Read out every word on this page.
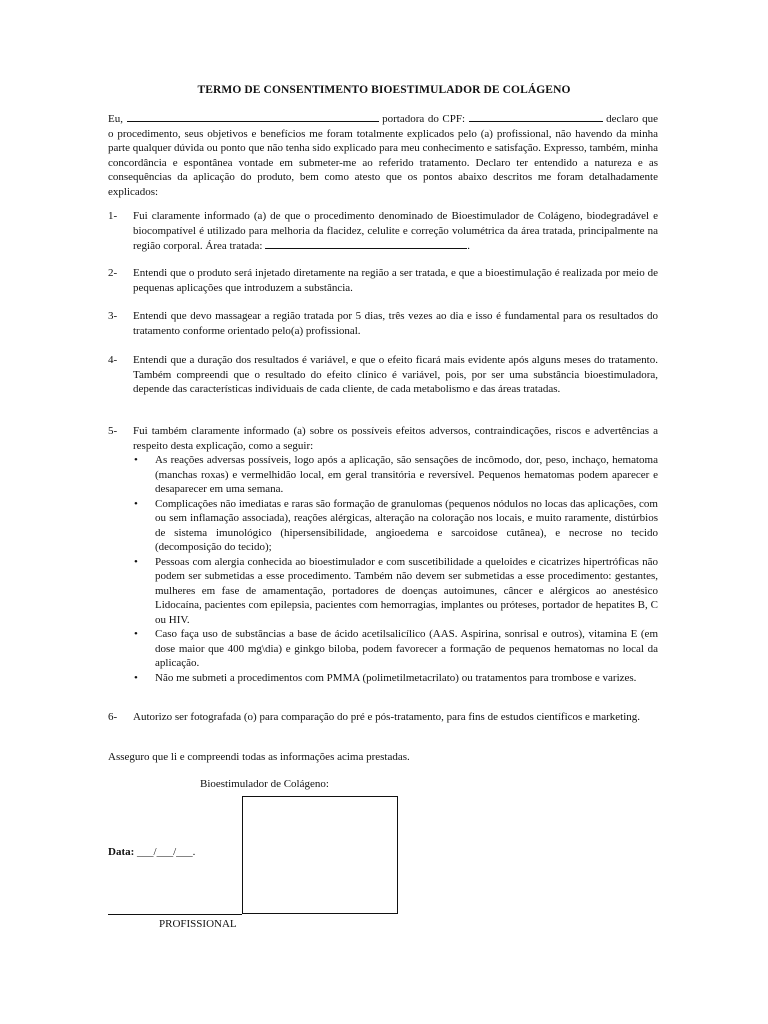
TERMO DE CONSENTIMENTO BIOESTIMULADOR DE COLÁGENO
Eu,	portadora do CPF:	declaro que o procedimento, seus objetivos e benefícios me foram totalmente explicados pelo (a) profissional, não havendo da minha parte qualquer dúvida ou ponto que não tenha sido explicado para meu conhecimento e satisfação. Expresso, também, minha concordância e espontânea vontade em submeter-me ao referido tratamento. Declaro ter entendido a natureza e as consequências da aplicação do produto, bem como atesto que os pontos abaixo descritos me foram detalhadamente explicados:
1- Fui claramente informado (a) de que o procedimento denominado de Bioestimulador de Colágeno, biodegradável e biocompatível é utilizado para melhoria da flacidez, celulite e correção volumétrica da área tratada, principalmente na região corporal. Área tratada:	.
2- Entendi que o produto será injetado diretamente na região a ser tratada, e que a bioestimulação é realizada por meio de pequenas aplicações que introduzem a substância.
3- Entendi que devo massagear a região tratada por 5 dias, três vezes ao dia e isso é fundamental para os resultados do tratamento conforme orientado pelo(a) profissional.
4- Entendi que a duração dos resultados é variável, e que o efeito ficará mais evidente após alguns meses do tratamento. Também compreendi que o resultado do efeito clínico é variável, pois, por ser uma substância bioestimuladora, depende das características individuais de cada cliente, de cada metabolismo e das áreas tratadas.
5- Fui também claramente informado (a) sobre os possíveis efeitos adversos, contraindicações, riscos e advertências a respeito desta explicação, como a seguir:
• As reações adversas possíveis, logo após a aplicação, são sensações de incômodo, dor, peso, inchaço, hematoma (manchas roxas) e vermelhidão local, em geral transitória e reversível. Pequenos hematomas podem aparecer e desaparecer em uma semana.
• Complicações não imediatas e raras são formação de granulomas (pequenos nódulos no locas das aplicações, com ou sem inflamação associada), reações alérgicas, alteração na coloração nos locais, e muito raramente, distúrbios de sistema imunológico (hipersensibilidade, angioedema e sarcoidose cutânea), e necrose no tecido (decomposição do tecido);
• Pessoas com alergia conhecida ao bioestimulador e com suscetibilidade a queloides e cicatrizes hipertróficas não podem ser submetidas a esse procedimento. Também não devem ser submetidas a esse procedimento: gestantes, mulheres em fase de amamentação, portadores de doenças autoimunes, câncer e alérgicos ao anestésico Lidocaína, pacientes com epilepsia, pacientes com hemorragias, implantes ou próteses, portador de hepatites B, C ou HIV.
• Caso faça uso de substâncias a base de ácido acetilsalicílico (AAS. Aspirina, sonrisal e outros), vitamina E (em dose maior que 400 mg\dia) e ginkgo biloba, podem favorecer a formação de pequenos hematomas no local da aplicação.
• Não me submeti a procedimentos com PMMA (polimetilmetacrilato) ou tratamentos para trombose e varizes.
6- Autorizo ser fotografada (o) para comparação do pré e pós-tratamento, para fins de estudos científicos e marketing.
Asseguro que li e compreendi todas as informações acima prestadas.
Bioestimulador de Colágeno:
Data: ___/___/___.
PROFISSIONAL
